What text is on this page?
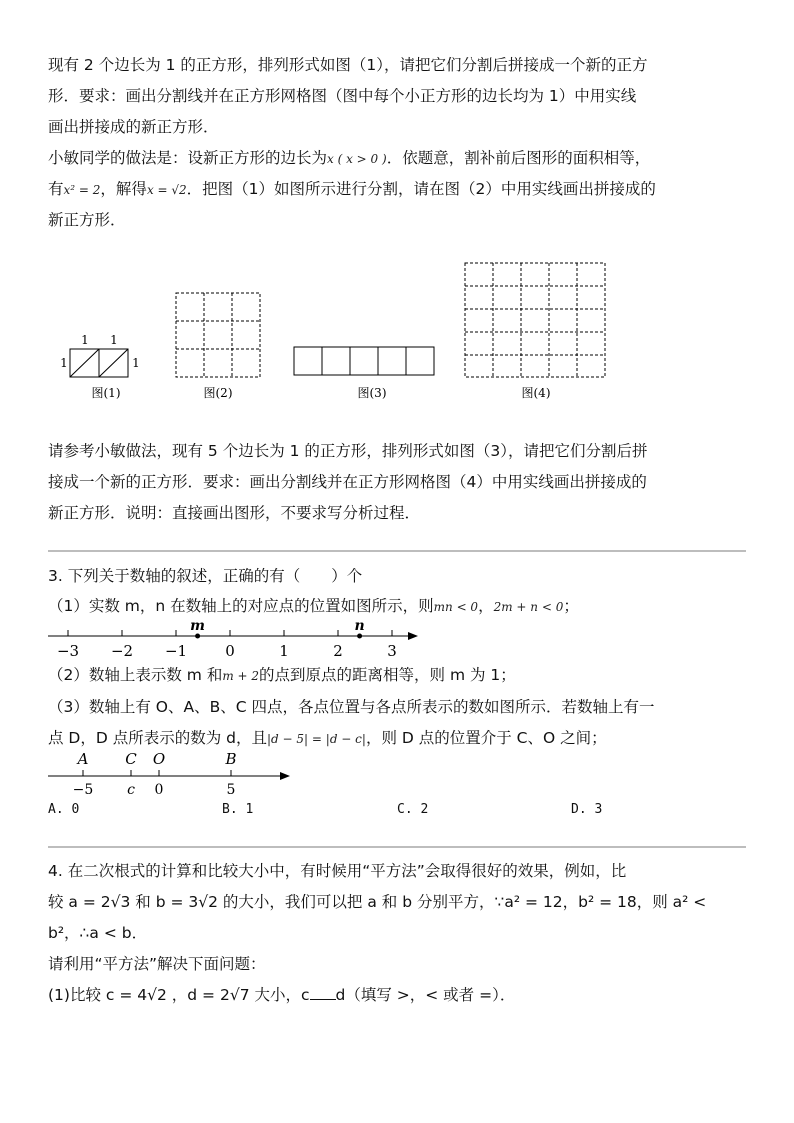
现有 2 个边长为 1 的正方形，排列形式如图（1），请把它们分割后拼接成一个新的正方
形．要求：画出分割线并在正方形网格图（图中每个小正方形的边长均为 1）中用实线
画出拼接成的新正方形．
小敏同学的做法是：设新正方形的边长为x ( x > 0 )．依题意，割补前后图形的面积相等，
有x² = 2，解得x = √2．把图（1）如图所示进行分割，请在图（2）中用实线画出拼接成的
新正方形．
1 1
1	1
图(1)	图(2)	图(3)	图(4)
请参考小敏做法，现有 5 个边长为 1 的正方形，排列形式如图（3），请把它们分割后拼
接成一个新的正方形．要求：画出分割线并在正方形网格图（4）中用实线画出拼接成的
新正方形．说明：直接画出图形，不要求写分析过程．
3. 下列关于数轴的叙述，正确的有（　　）个
（1）实数 m，n 在数轴上的对应点的位置如图所示，则mn < 0，2m + n < 0；
−3 −2 −1	0	1	2	3
m	n
（2）数轴上表示数 m 和m + 2的点到原点的距离相等，则 m 为 1；
（3）数轴上有 O、A、B、C 四点，各点位置与各点所表示的数如图所示．若数轴上有一
点 D，D 点所表示的数为 d，且|d − 5| = |d − c|，则 D 点的位置介于 C、O 之间；
A C O	B
−5 c 0	5
A. 0	B. 1	C. 2	D. 3
4. 在二次根式的计算和比较大小中，有时候用“平方法”会取得很好的效果，例如，比
较 a = 2√3 和 b = 3√2 的大小，我们可以把 a 和 b 分别平方，∵a² = 12，b² = 18，则 a² <
b²，∴a < b．
请利用“平方法”解决下面问题：
(1)比较 c = 4√2 ，d = 2√7 大小，c d（填写 >，< 或者 =）．
